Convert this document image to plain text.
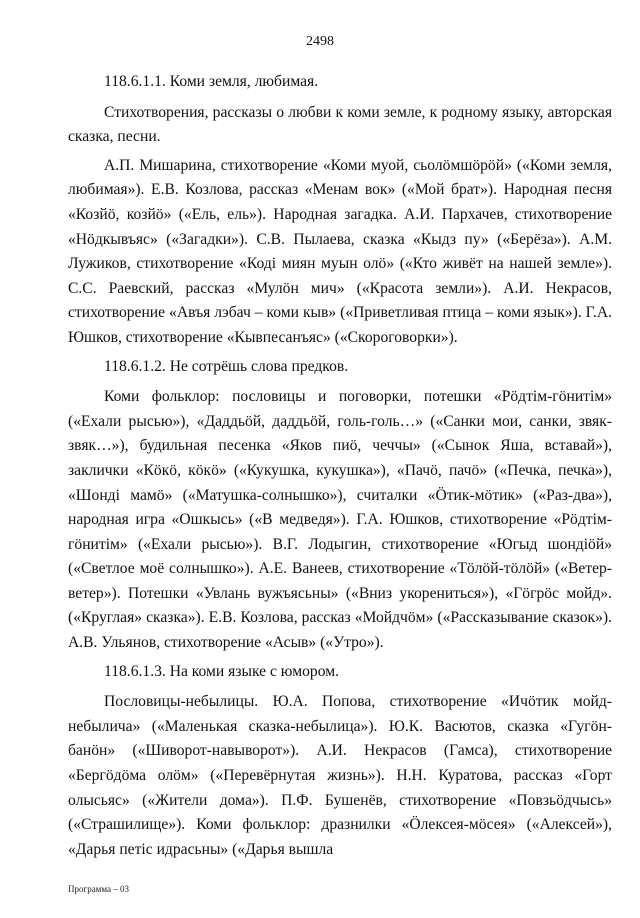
2498

118.6.1.1. Коми земля, любимая.

Стихотворения, рассказы о любви к коми земле, к родному языку, авторская сказка, песни.

А.П. Мишарина, стихотворение «Коми муой, сьолöмшöрöй» («Коми земля, любимая»). Е.В. Козлова, рассказ «Менам вок» («Мой брат»). Народная песня «Козйö, козйö» («Ель, ель»). Народная загадка. А.И. Пархачев, стихотворение «Нöдкывъяс» («Загадки»). С.В. Пылаева, сказка «Кыдз пу» («Берёза»). А.М. Лужиков, стихотворение «Коді миян муын олö» («Кто живёт на нашей земле»). С.С. Раевский, рассказ «Мулöн мич» («Красота земли»). А.И. Некрасов, стихотворение «Авъя лэбач – коми кыв» («Приветливая птица – коми язык»). Г.А. Юшков, стихотворение «Кывпесанъяс» («Скороговорки»).

118.6.1.2. Не сотрёшь слова предков.

Коми фольклор: пословицы и поговорки, потешки «Рöдтім-гöнитім» («Ехали рысью»), «Даддьöй, даддьöй, голь-голь…» («Санки мои, санки, звяк- звяк…»), будильная песенка «Яков пиö, чеччы» («Сынок Яша, вставай»), заклички «Кöкö, кöкö» («Кукушка, кукушка»), «Пачö, пачö» («Печка, печка»), «Шонді мамö» («Матушка-солнышко»), считалки «Öтик-мöтик» («Раз-два»), народная игра «Ошкысь» («В медведя»). Г.А. Юшков, стихотворение «Рöдтім- гöнитім» («Ехали рысью»). В.Г. Лодыгин, стихотворение «Югыд шондiöй» («Светлое моё солнышко»). А.Е. Ванеев, стихотворение «Тöлöй-тöлöй» («Ветер-ветер»). Потешки «Увлань вужъясьны» («Вниз укорениться»), «Гöгрöс мойд». («Круглая» сказка»). Е.В. Козлова, рассказ «Мойдчöм» («Рассказывание сказок»). А.В. Ульянов, стихотворение «Асыв» («Утро»).

118.6.1.3. На коми языке с юмором.

Пословицы-небылицы. Ю.А. Попова, стихотворение «Ичöтик мойд-небылича» («Маленькая сказка-небылица»). Ю.К. Васютов, сказка «Гугöн- банöн» («Шиворот-навыворот»). А.И. Некрасов (Гамса), стихотворение «Бергöдöма олöм» («Перевёрнутая жизнь»). Н.Н. Куратова, рассказ «Горт олысьяс» («Жители дома»). П.Ф. Бушенёв, стихотворение «Повзьöдчысь» («Страшилище»). Коми фольклор: дразнилки «Öлексея-мöсея» («Алексей»), «Дарья петiс идрасьны» («Дарья вышла

Программа – 03
